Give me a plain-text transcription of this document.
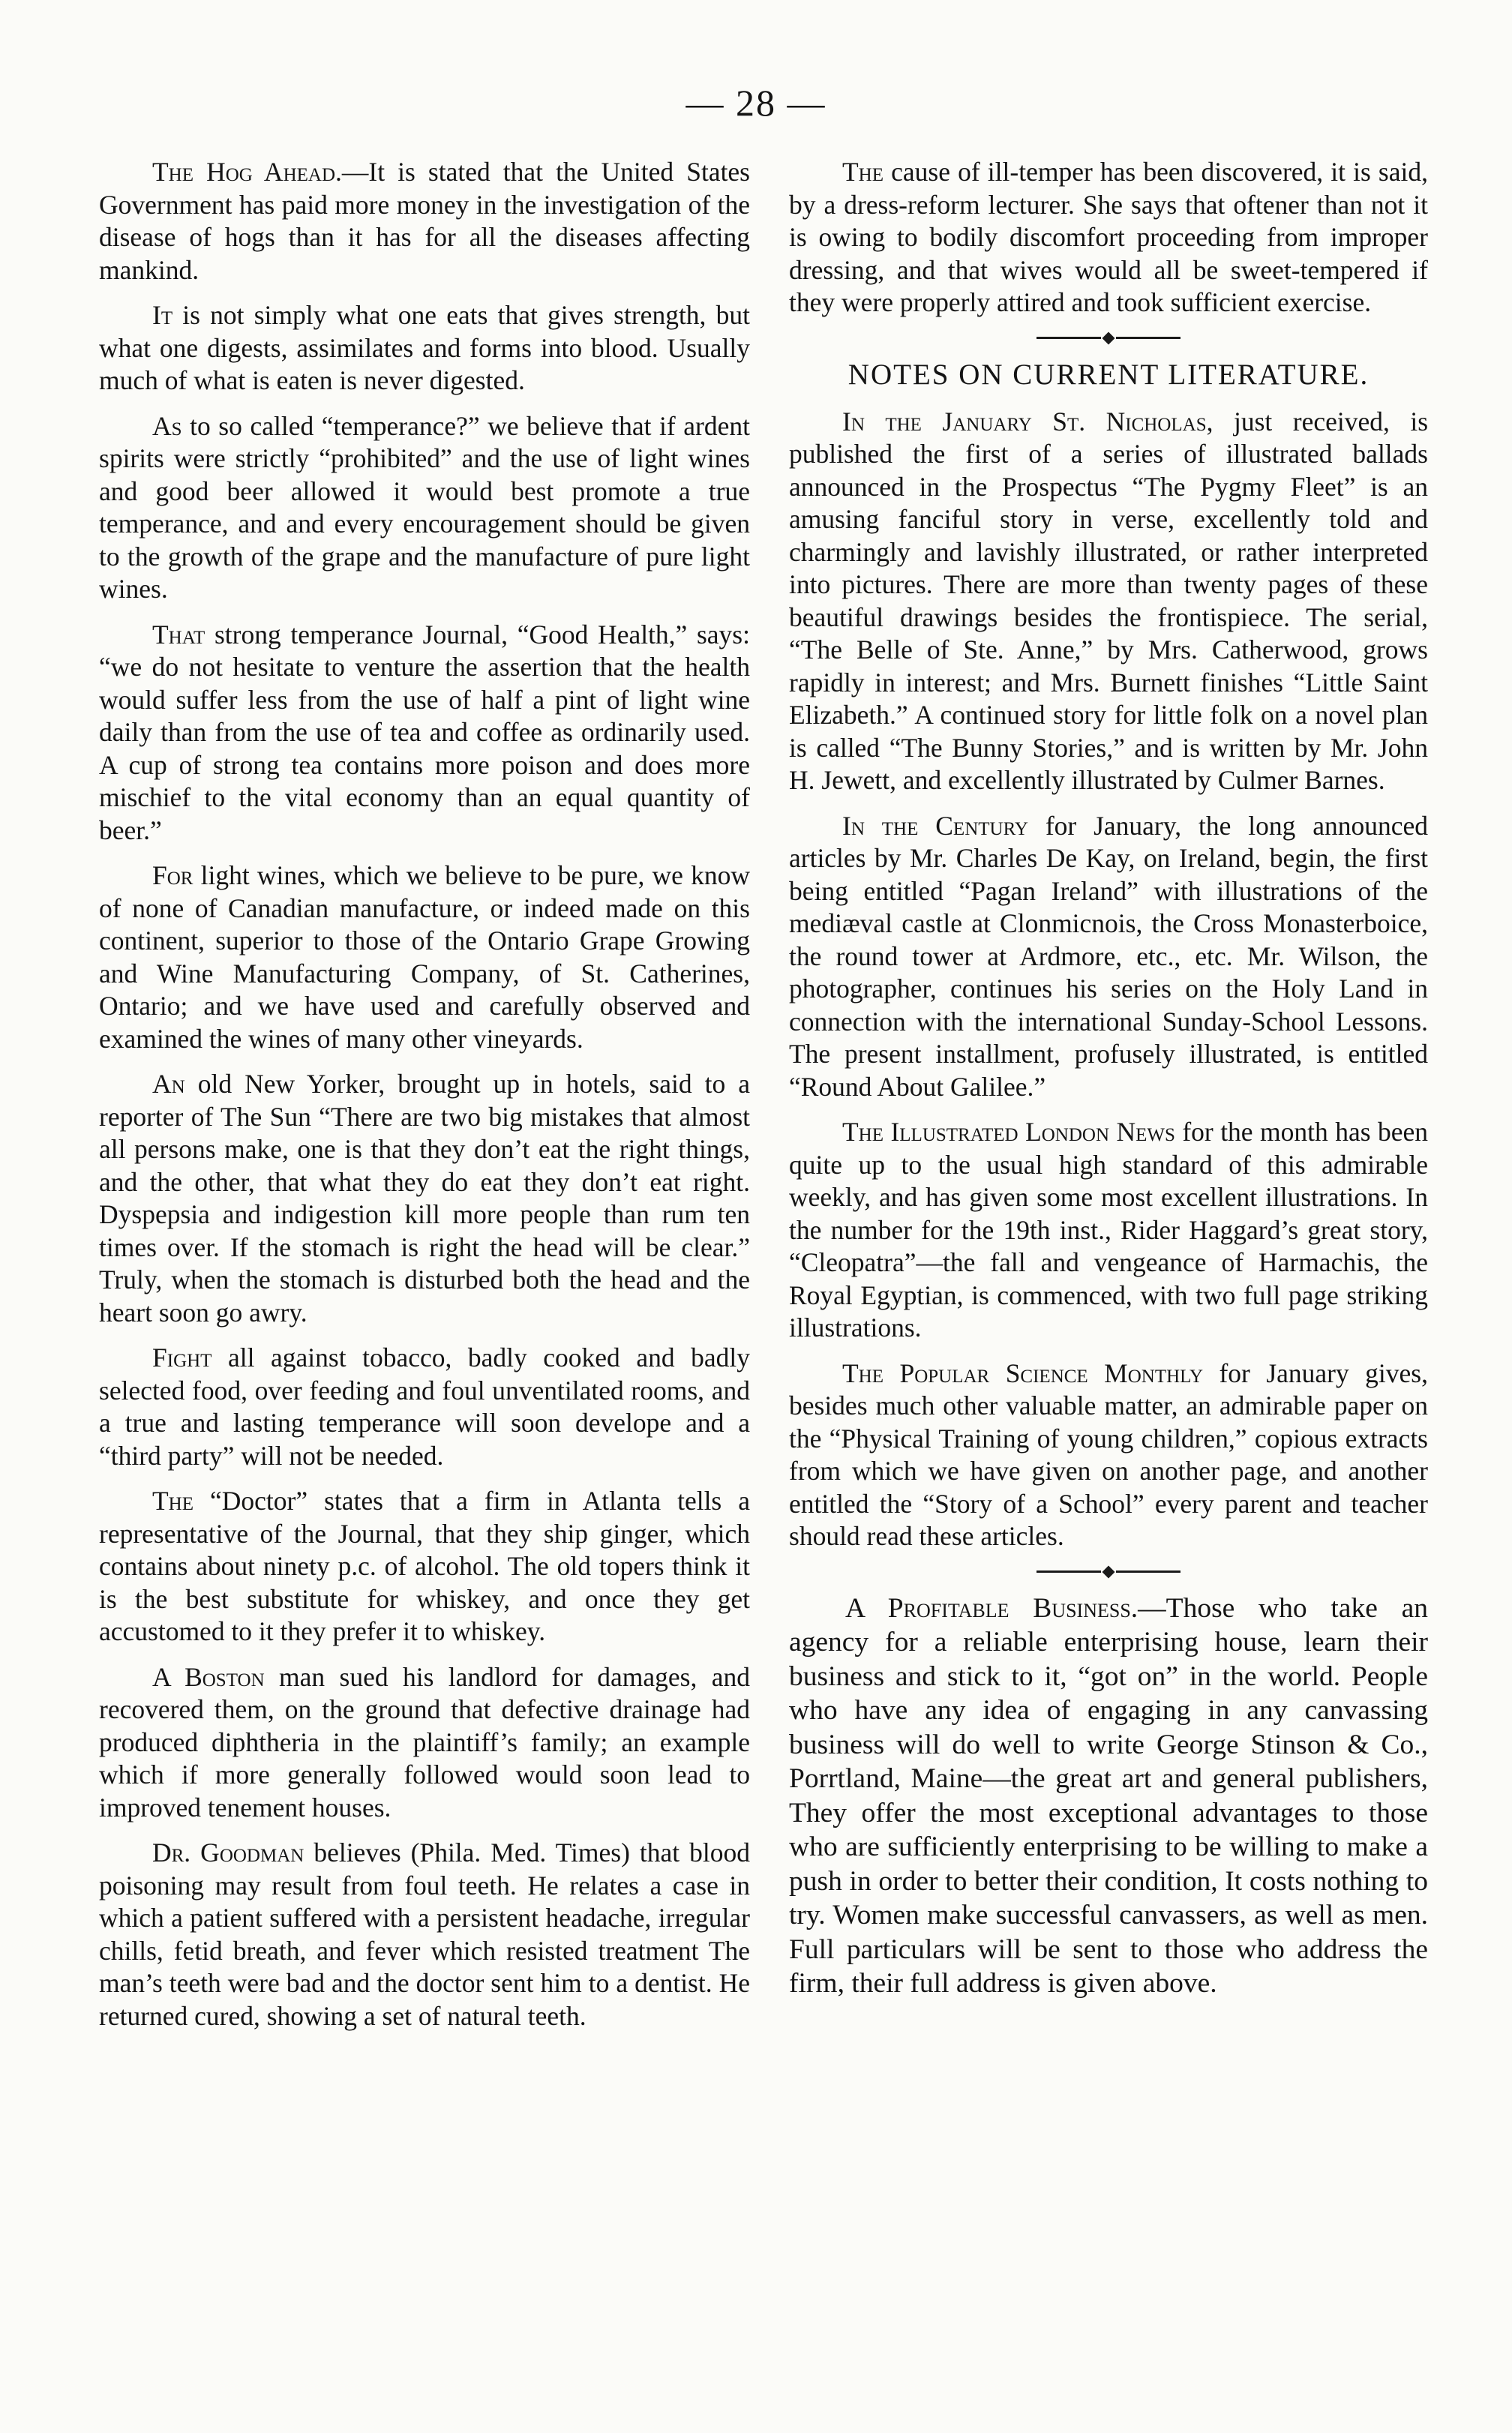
— 28 —

The Hog Ahead.—It is stated that the United States Government has paid more money in the investigation of the disease of hogs than it has for all the diseases affecting mankind.

It is not simply what one eats that gives strength, but what one digests, assimilates and forms into blood. Usually much of what is eaten is never digested.

As to so called “temperance?” we believe that if ardent spirits were strictly “prohibited” and the use of light wines and good beer allowed it would best promote a true temperance, and and every encouragement should be given to the growth of the grape and the manufacture of pure light wines.

That strong temperance Journal, “Good Health,” says: “we do not hesitate to venture the assertion that the health would suffer less from the use of half a pint of light wine daily than from the use of tea and coffee as ordinarily used. A cup of strong tea contains more poison and does more mischief to the vital economy than an equal quantity of beer.”

For light wines, which we believe to be pure, we know of none of Canadian manufacture, or indeed made on this continent, superior to those of the Ontario Grape Growing and Wine Manufacturing Company, of St. Catherines, Ontario; and we have used and carefully observed and examined the wines of many other vineyards.

An old New Yorker, brought up in hotels, said to a reporter of The Sun “There are two big mistakes that almost all persons make, one is that they don’t eat the right things, and the other, that what they do eat they don’t eat right. Dyspepsia and indigestion kill more people than rum ten times over. If the stomach is right the head will be clear.” Truly, when the stomach is disturbed both the head and the heart soon go awry.

Fight all against tobacco, badly cooked and badly selected food, over feeding and foul unventilated rooms, and a true and lasting temperance will soon develope and a “third party” will not be needed.

The “Doctor” states that a firm in Atlanta tells a representative of the Journal, that they ship ginger, which contains about ninety p.c. of alcohol. The old topers think it is the best substitute for whiskey, and once they get accustomed to it they prefer it to whiskey.

A Boston man sued his landlord for damages, and recovered them, on the ground that defective drainage had produced diphtheria in the plaintiff’s family; an example which if more generally followed would soon lead to improved tenement houses.

Dr. Goodman believes (Phila. Med. Times) that blood poisoning may result from foul teeth. He relates a case in which a patient suffered with a persistent headache, irregular chills, fetid breath, and fever which resisted treatment The man’s teeth were bad and the doctor sent him to a dentist. He returned cured, showing a set of natural teeth.

The cause of ill-temper has been discovered, it is said, by a dress-reform lecturer. She says that oftener than not it is owing to bodily discomfort proceeding from improper dressing, and that wives would all be sweet-tempered if they were properly attired and took sufficient exercise.

NOTES ON CURRENT LITERATURE.

In the January St. Nicholas, just received, is published the first of a series of illustrated ballads announced in the Prospectus “The Pygmy Fleet” is an amusing fanciful story in verse, excellently told and charmingly and lavishly illustrated, or rather interpreted into pictures. There are more than twenty pages of these beautiful drawings besides the frontispiece. The serial, “The Belle of Ste. Anne,” by Mrs. Catherwood, grows rapidly in interest; and Mrs. Burnett finishes “Little Saint Elizabeth.” A continued story for little folk on a novel plan is called “The Bunny Stories,” and is written by Mr. John H. Jewett, and excellently illustrated by Culmer Barnes.

In the Century for January, the long announced articles by Mr. Charles De Kay, on Ireland, begin, the first being entitled “Pagan Ireland” with illustrations of the mediæval castle at Clonmicnois, the Cross Monasterboice, the round tower at Ardmore, etc., etc. Mr. Wilson, the photographer, continues his series on the Holy Land in connection with the international Sunday-School Lessons. The present installment, profusely illustrated, is entitled “Round About Galilee.”

The Illustrated London News for the month has been quite up to the usual high standard of this admirable weekly, and has given some most excellent illustrations. In the number for the 19th inst., Rider Haggard’s great story, “Cleopatra”—the fall and vengeance of Harmachis, the Royal Egyptian, is commenced, with two full page striking illustrations.

The Popular Science Monthly for January gives, besides much other valuable matter, an admirable paper on the “Physical Training of young children,” copious extracts from which we have given on another page, and another entitled the “Story of a School” every parent and teacher should read these articles.

A Profitable Business.—Those who take an agency for a reliable enterprising house, learn their business and stick to it, “got on” in the world. People who have any idea of engaging in any canvassing business will do well to write George Stinson & Co., Porrtland, Maine—the great art and general publishers, They offer the most exceptional advantages to those who are sufficiently enterprising to be willing to make a push in order to better their condition, It costs nothing to try. Women make successful canvassers, as well as men. Full particulars will be sent to those who address the firm, their full address is given above.
